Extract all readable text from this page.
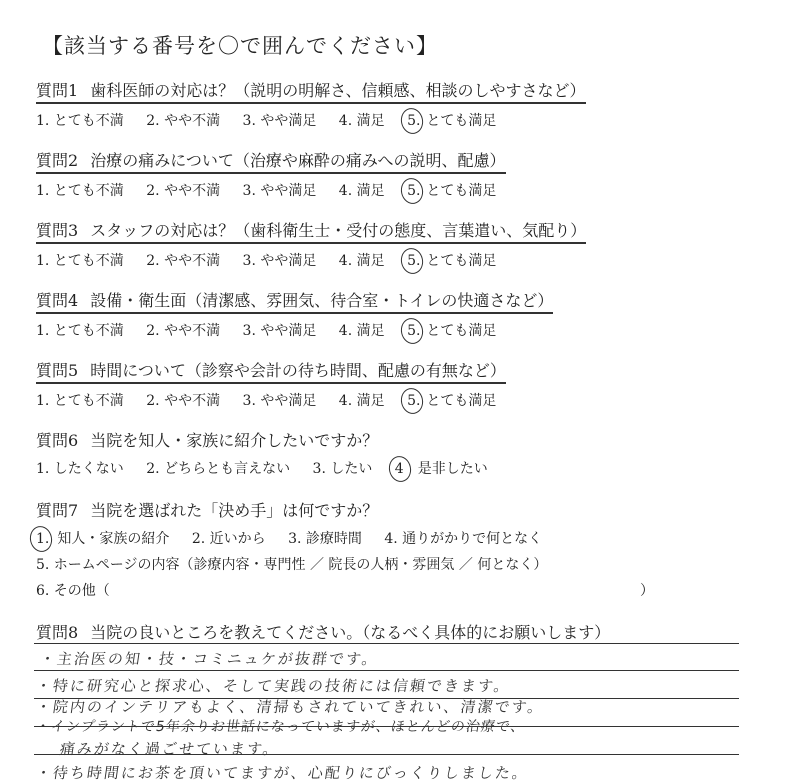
【該当する番号を〇で囲んでください】
質問1 歯科医師の対応は？（説明の明解さ、信頼感、相談のしやすさなど）
1. とても不満 2. やや不満 3. やや満足 4. 満足 5. とても満足
質問2 治療の痛みについて（治療や麻酔の痛みへの説明、配慮）
1. とても不満 2. やや不満 3. やや満足 4. 満足 5. とても満足
質問3 スタッフの対応は？（歯科衛生士・受付の態度、言葉遣い、気配り）
1. とても不満 2. やや不満 3. やや満足 4. 満足 5. とても満足
質問4 設備・衛生面（清潔感、雰囲気、待合室・トイレの快適さなど）
1. とても不満 2. やや不満 3. やや満足 4. 満足 5. とても満足
質問5 時間について（診察や会計の待ち時間、配慮の有無など）
1. とても不満 2. やや不満 3. やや満足 4. 満足 5. とても満足
質問6 当院を知人・家族に紹介したいですか？
1. したくない 2. どちらとも言えない 3. したい 4 是非したい
質問7 当院を選ばれた「決め手」は何ですか？
1. 知人・家族の紹介 2. 近いから 3. 診療時間 4. 通りがかりで何となく
5. ホームページの内容（診療内容・専門性 ／ 院長の人柄・雰囲気 ／ 何となく）
6. その他（	）
質問8 当院の良いところを教えてください。（なるべく具体的にお願いします）
・主治医の知・技・コミニュケが抜群です。
・特に研究心と探求心、そして実践の技術には信頼できます。
・院内のインテリアもよく、清掃もされていてきれい、清潔です。
・インプラントで5年余りお世話になっていますが、ほとんどの治療で、
痛みがなく過ごせています。
・待ち時間にお茶を頂いてますが、心配りにびっくりしました。
